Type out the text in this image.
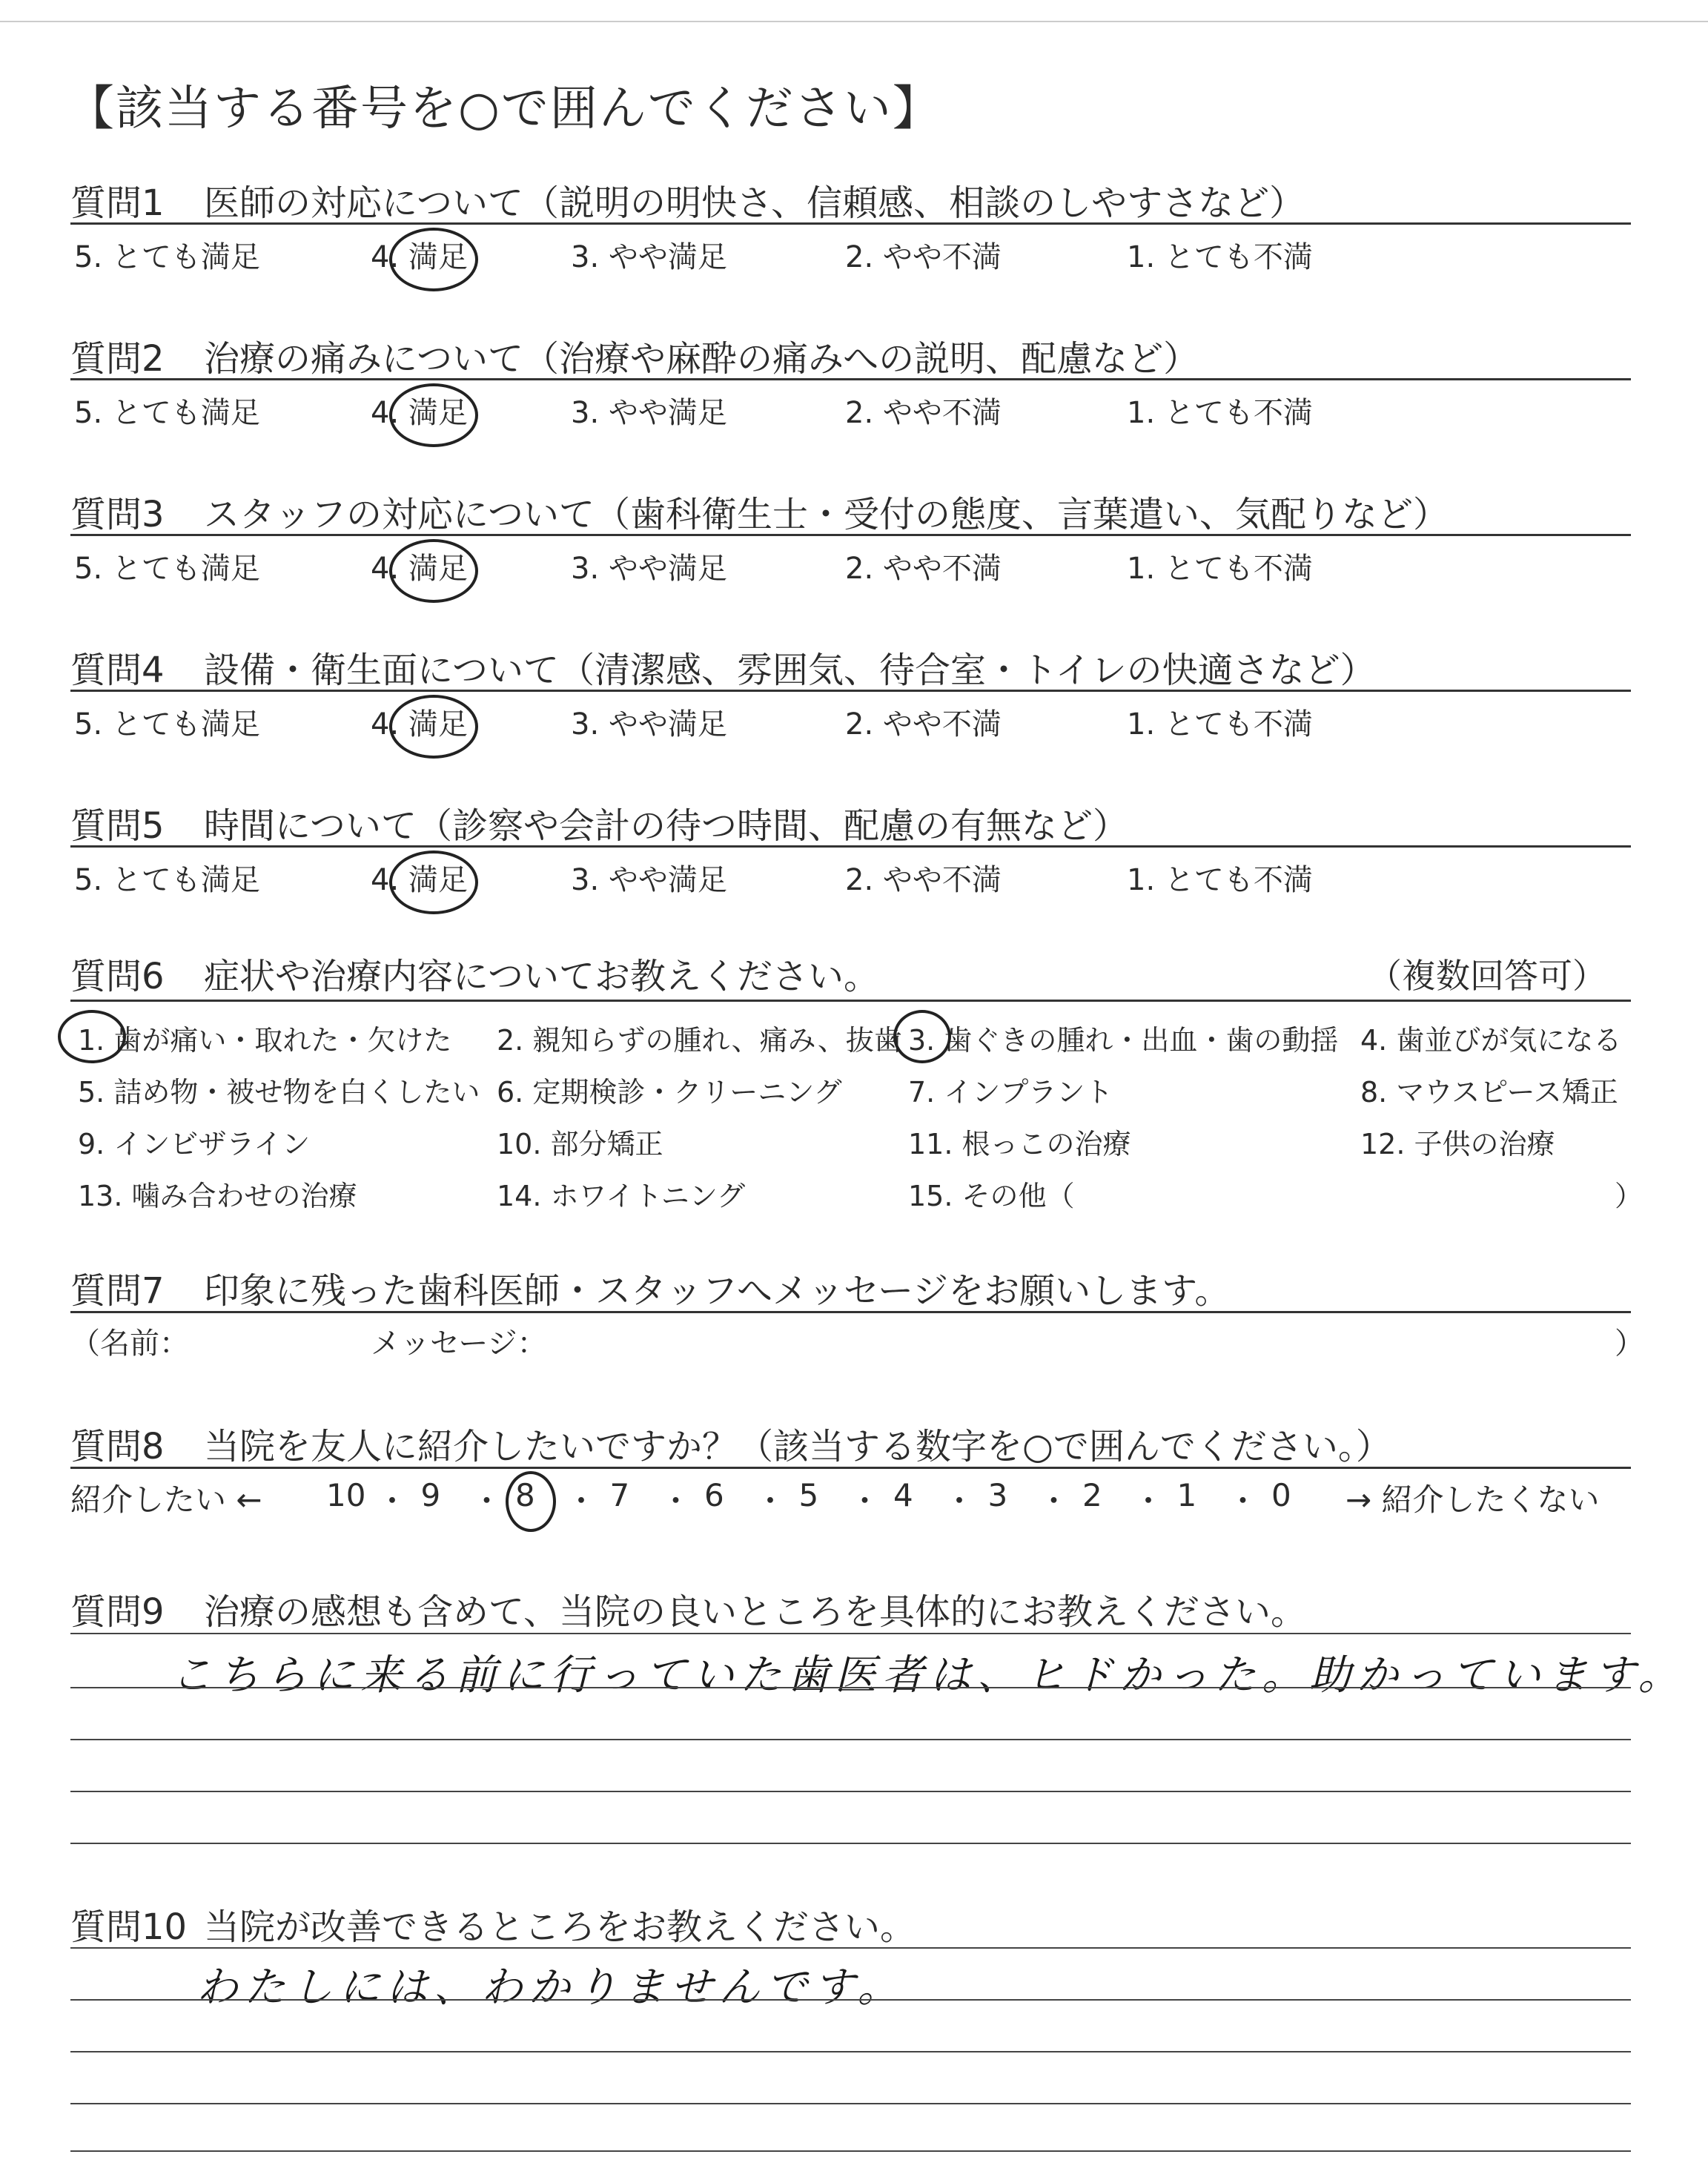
【該当する番号を○で囲んでください】
質問1 医師の対応について（説明の明快さ、信頼感、相談のしやすさなど）
5. とても満足	4. 満足	3. やや満足	2. やや不満	1. とても不満
質問2 治療の痛みについて（治療や麻酔の痛みへの説明、配慮など）
5. とても満足	4. 満足	3. やや満足	2. やや不満	1. とても不満
質問3 スタッフの対応について（歯科衛生士・受付の態度、言葉遣い、気配りなど）
5. とても満足	4. 満足	3. やや満足	2. やや不満	1. とても不満
質問4 設備・衛生面について（清潔感、雰囲気、待合室・トイレの快適さなど）
5. とても満足	4. 満足	3. やや満足	2. やや不満	1. とても不満
質問5 時間について（診察や会計の待つ時間、配慮の有無など）
5. とても満足	4. 満足	3. やや満足	2. やや不満	1. とても不満
質問6 症状や治療内容についてお教えください。	（複数回答可）
1. 歯が痛い・取れた・欠けた 2. 親知らずの腫れ、痛み、抜歯 3. 歯ぐきの腫れ・出血・歯の動揺 4. 歯並びが気になる
5. 詰め物・被せ物を白くしたい 6. 定期検診・クリーニング 7. インプラント	8. マウスピース矯正
9. インビザライン	10. 部分矯正	11. 根っこの治療	12. 子供の治療
13. 噛み合わせの治療	14. ホワイトニング	15. その他（	）
質問7 印象に残った歯科医師・スタッフへメッセージをお願いします。
（名前：	メッセージ：	）
質問8 当院を友人に紹介したいですか？（該当する数字を○で囲んでください。）
紹介したい ← 10 ・ 9 ・ 8 ・ 7 ・ 6 ・ 5 ・ 4 ・ 3 ・ 2 ・ 1 ・ 0 → 紹介したくない
質問9 治療の感想も含めて、当院の良いところを具体的にお教えください。
こちらに来る前に行っていた歯医者は、ヒドかった。助かっています。
質問10 当院が改善できるところをお教えください。
わたしには、わかりませんです。
